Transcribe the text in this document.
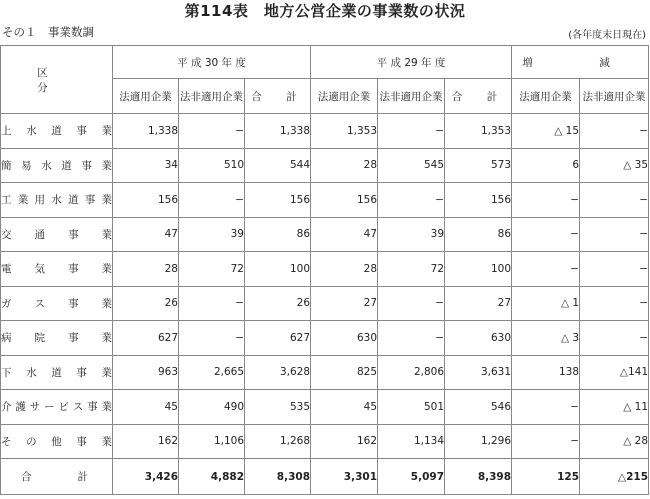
第114表　地方公営企業の事業数の状況
その１　事業数調	(各年度末日現在)
区　分	平 成 30 年 度			平 成 29 年 度			増　減	
	法適用企業	法非適用企業	合　計	法適用企業	法非適用企業	合　計	法適用企業	法非適用企業
上水道事業	1,338	−	1,338	1,353	−	1,353	△ 15	−
簡易水道事業	34	510	544	28	545	573	6	△ 35
工業用水道事業	156	−	156	156	−	156	−	−
交通事業	47	39	86	47	39	86	−	−
電気事業	28	72	100	28	72	100	−	−
ガス事業	26	−	26	27	−	27	△ 1	−
病院事業	627	−	627	630	−	630	△ 3	−
下水道事業	963	2,665	3,628	825	2,806	3,631	138	△141
介護サービス事業	45	490	535	45	501	546	−	△ 11
その他事業	162	1,106	1,268	162	1,134	1,296	−	△ 28
合計	3,426	4,882	8,308	3,301	5,097	8,398	125	△215
